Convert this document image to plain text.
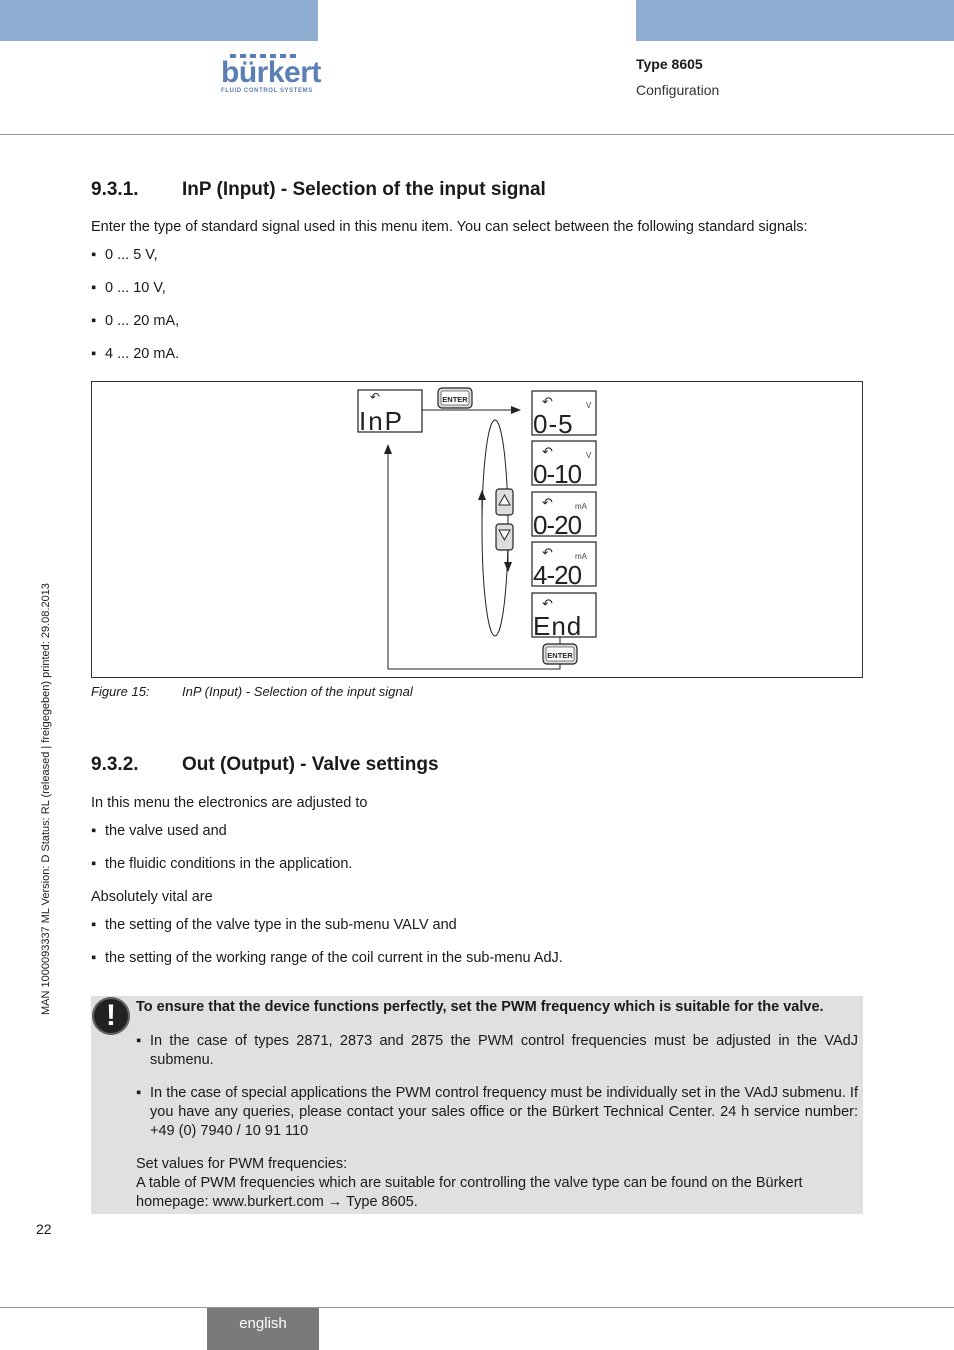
bürkert
FLUID CONTROL SYSTEMS
Type 8605
Configuration
MAN 1000093337 ML Version: D Status: RL (released | freigegeben) printed: 29.08.2013
9.3.1. InP (Input) - Selection of the input signal
Enter the type of standard signal used in this menu item. You can select between the following standard signals:
▪ 0 ... 5 V,
▪ 0 ... 10 V,
▪ 0 ... 20 mA,
▪ 4 ... 20 mA.
↶
InP
ENTER	↶	V
0-5
↶	V
0-10
↶	mA
0-20
↶	mA
4-20
↶
End
ENTER
Figure 15: InP (Input) - Selection of the input signal
9.3.2. Out (Output) - Valve settings
In this menu the electronics are adjusted to
▪ the valve used and
▪ the fluidic conditions in the application.
Absolutely vital are
▪ the setting of the valve type in the sub-menu VALV and
▪ the setting of the working range of the coil current in the sub-menu AdJ.
!	To ensure that the device functions perfectly, set the PWM frequency which is suitable for the valve.
▪ In the case of types 2871, 2873 and 2875 the PWM control frequencies must be adjusted in the VAdJ submenu.
▪ In the case of special applications the PWM control frequency must be individually set in the VAdJ submenu. If you have any queries, please contact your sales office or the Bürkert Technical Center. 24 h service number: +49 (0) 7940 / 10 91 110
Set values for PWM frequencies:
A table of PWM frequencies which are suitable for controlling the valve type can be found on the Bürkert homepage: www.burkert.com → Type 8605.
22
english
